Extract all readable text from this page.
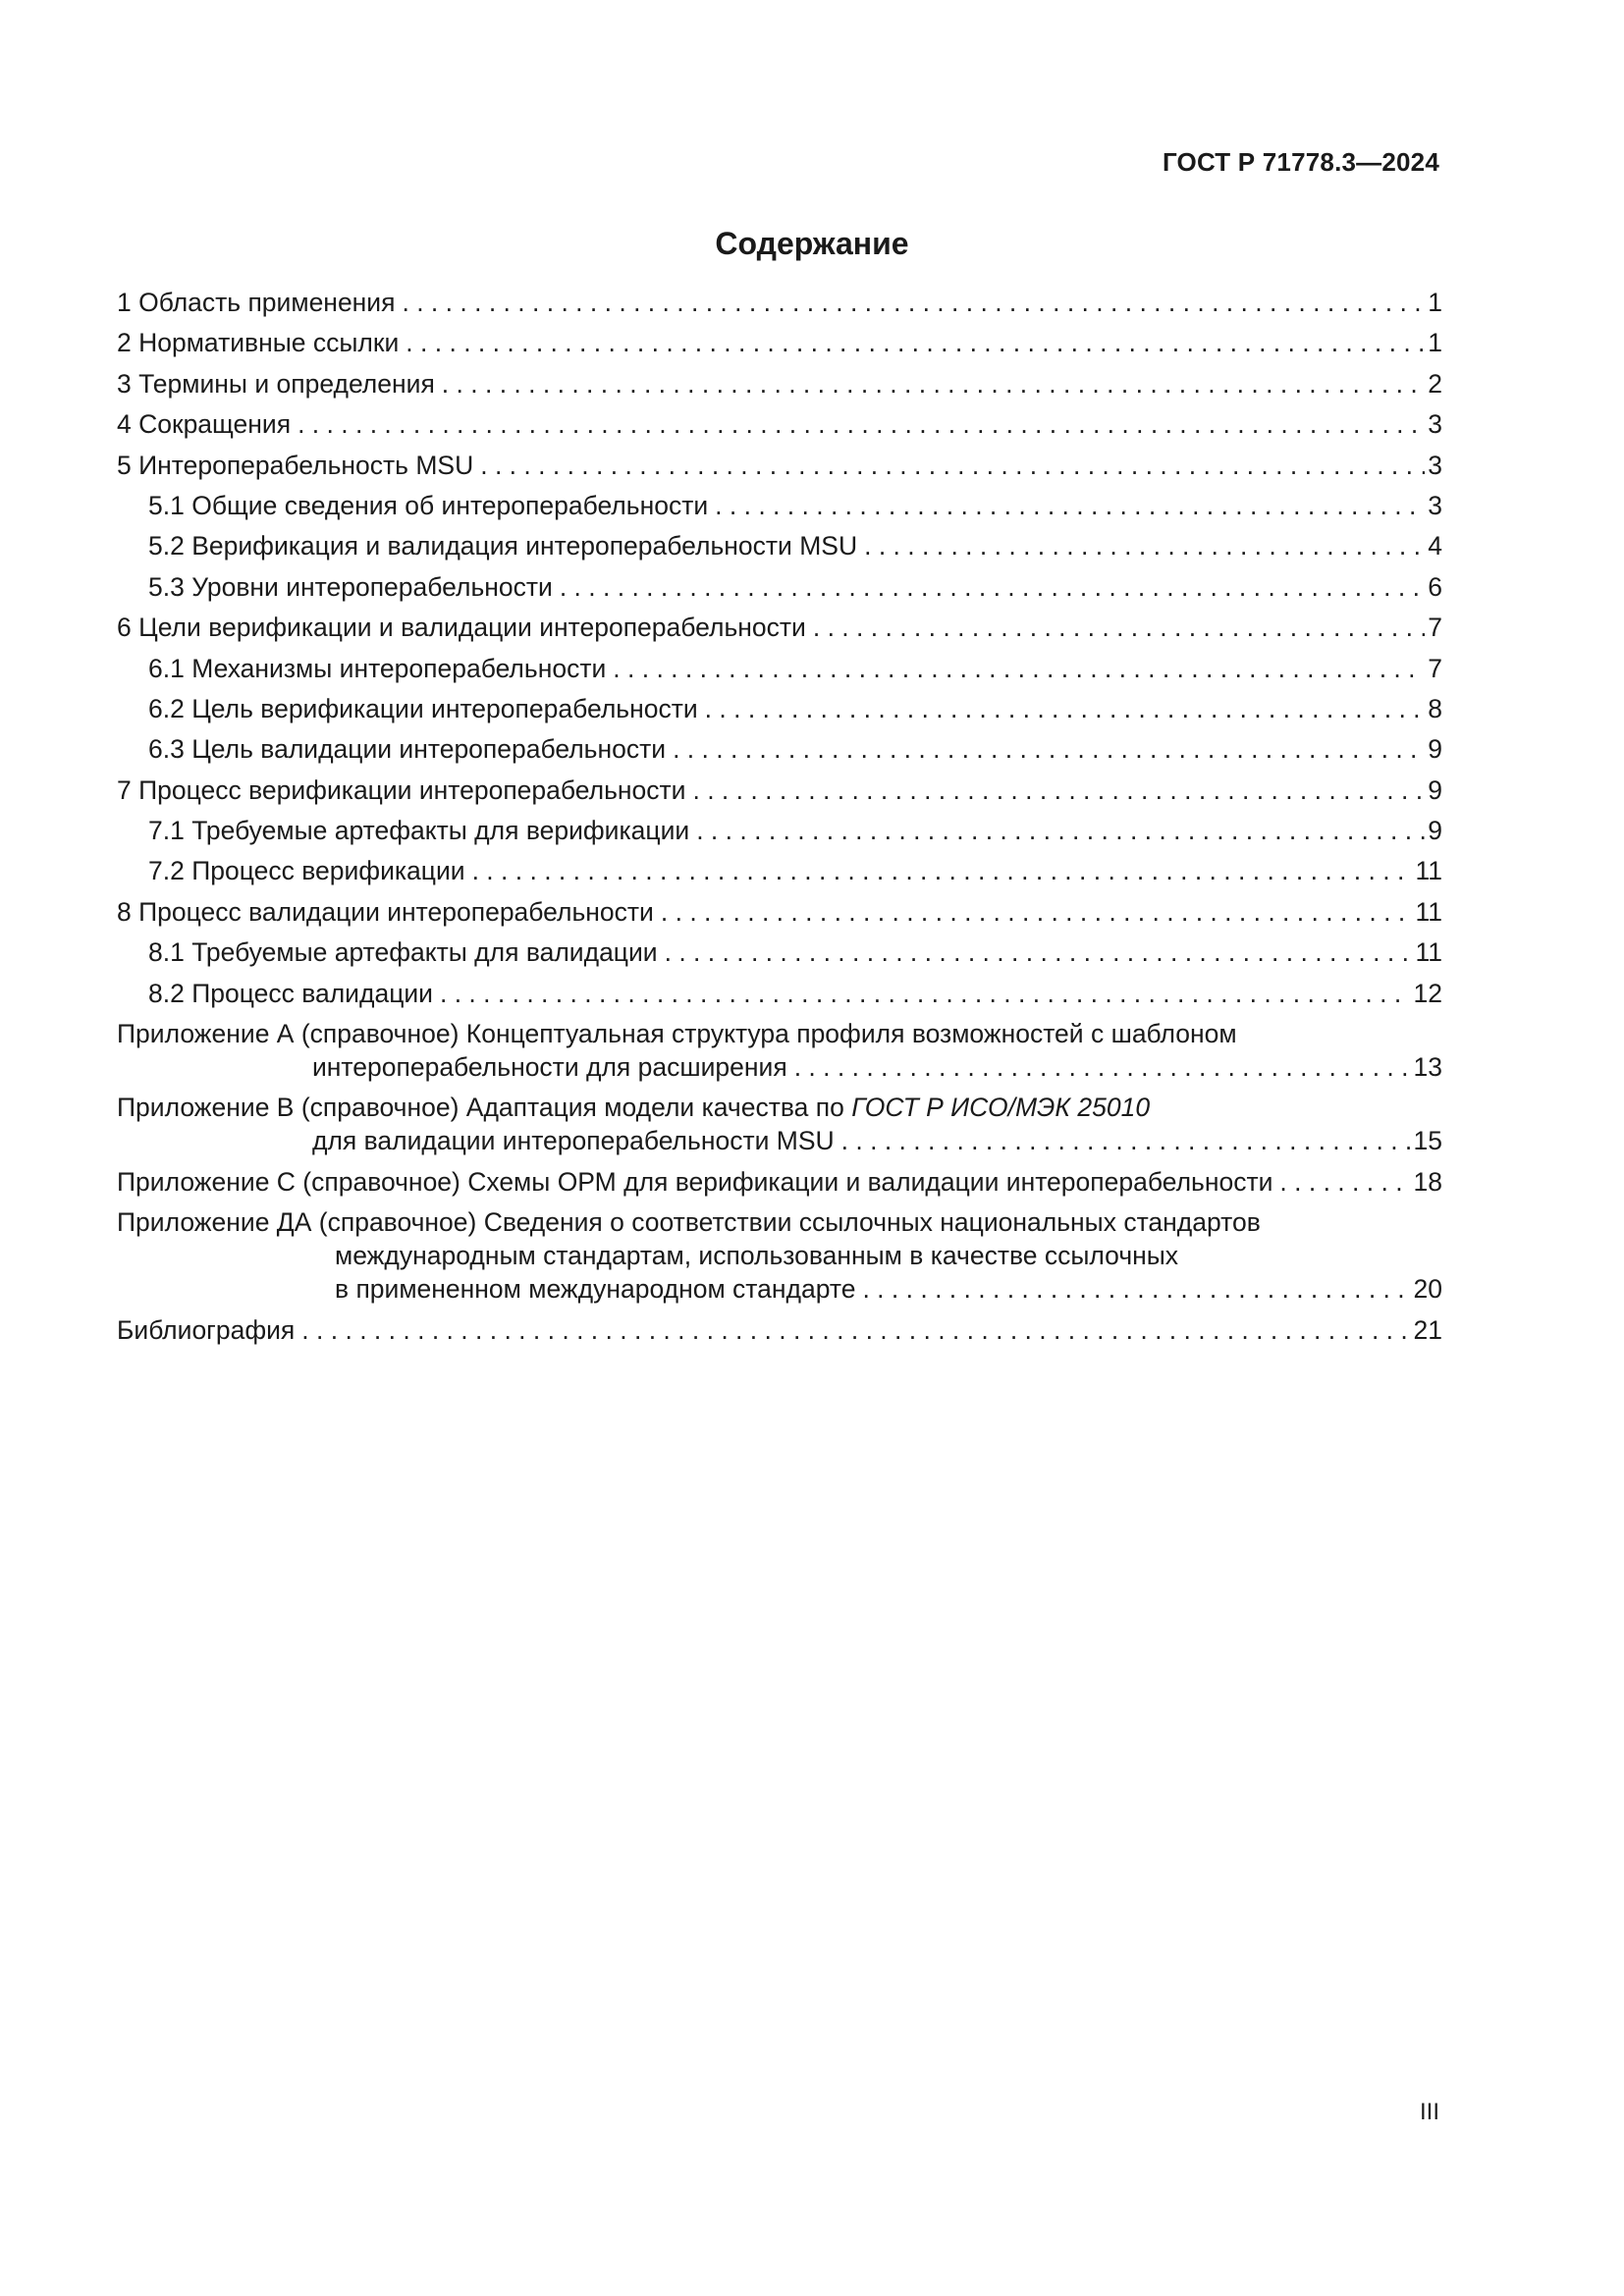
ГОСТ Р 71778.3—2024
Содержание
1 Область применения . . .	1
2 Нормативные ссылки . . .	1
3 Термины и определения . . .	2
4 Сокращения . . .	3
5 Интероперабельность MSU . . .	3
5.1 Общие сведения об интероперабельности . . .	3
5.2 Верификация и валидация интероперабельности MSU . . .	4
5.3 Уровни интероперабельности . . .	6
6 Цели верификации и валидации интероперабельности . . .	7
6.1 Механизмы интероперабельности . . .	7
6.2 Цель верификации интероперабельности . . .	8
6.3 Цель валидации интероперабельности . . .	9
7 Процесс верификации интероперабельности . . .	9
7.1 Требуемые артефакты для верификации . . .	9
7.2 Процесс верификации . . .	11
8 Процесс валидации интероперабельности . . .	11
8.1 Требуемые артефакты для валидации . . .	11
8.2 Процесс валидации . . .	12
Приложение А (справочное) Концептуальная структура профиля возможностей с шаблоном
интероперабельности для расширения . . .	13
Приложение В (справочное) Адаптация модели качества по ГОСТ Р ИСО/МЭК 25010
для валидации интероперабельности MSU . . .	15
Приложение С (справочное) Схемы ОРМ для верификации и валидации интероперабельности . . .	18
Приложение ДА (справочное) Сведения о соответствии ссылочных национальных стандартов
международным стандартам, использованным в качестве ссылочных
в примененном международном стандарте . . .	20
Библиография . . .	21
III
